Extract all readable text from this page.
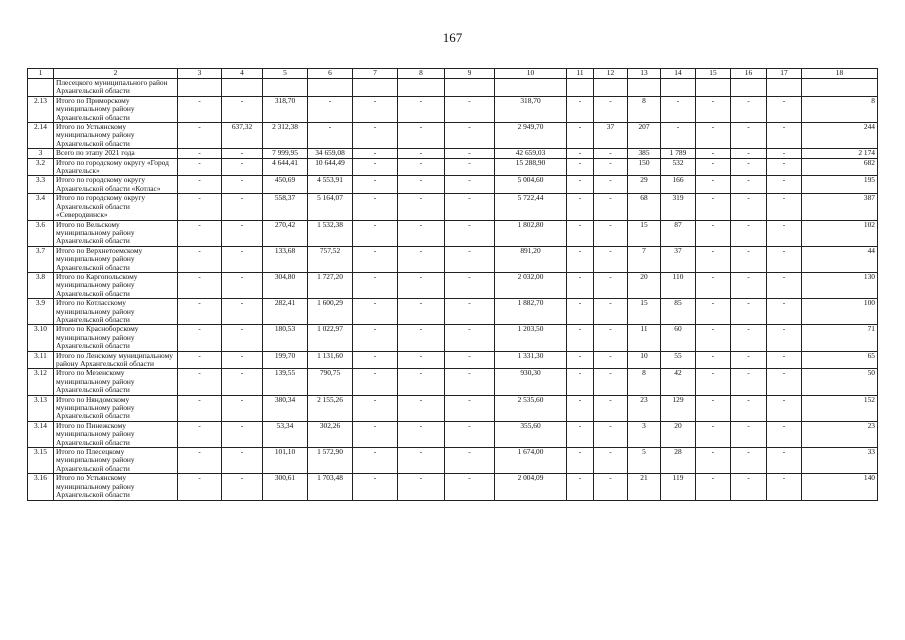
167
1	2	3	4	5	6	7	8	9	10	11	12	13	14	15	16	17	18
	Плесецкого муниципального район Архангельской области																
2.13	Итого по Приморскому муниципальному району Архангельской области	-	-	318,70	-	-	-	-	318,70	-	-	8	-	-	-	-	8
2.14	Итого по Устьянскому муниципальному району Архангельской области	-	637,32	2 312,38	-	-	-	-	2 949,70	-	37	207	-	-	-	-	244
3	Всего по этапу 2021 года	-	-	7 999,95	34 659,08	-	-	-	42 659,03	-	-	385	1 789	-	-	-	2 174
3.2	Итого по городскому округу «Город Архангельск»	-	-	4 644,41	10 644,49	-	-	-	15 288,90	-	-	150	532	-	-	-	682
3.3	Итого по городскому округу Архангельской области «Котлас»	-	-	450,69	4 553,91	-	-	-	5 004,60	-	-	29	166	-	-	-	195
3.4	Итого по городскому округу Архангельской области «Северодвинск»	-	-	558,37	5 164,07	-	-	-	5 722,44	-	-	68	319	-	-	-	387
3.6	Итого по Вельскому муниципальному району Архангельской области	-	-	270,42	1 532,38	-	-	-	1 802,80	-	-	15	87	-	-	-	102
3.7	Итого по Верхнетоемскому муниципальному району Архангельской области	-	-	133,68	757,52	-	-	-	891,20	-	-	7	37	-	-	-	44
3.8	Итого по Каргопольскому муниципальному району Архангельской области	-	-	304,80	1 727,20	-	-	-	2 032,00	-	-	20	110	-	-	-	130
3.9	Итого по Котласскому муниципальному району Архангельской области	-	-	282,41	1 600,29	-	-	-	1 882,70	-	-	15	85	-	-	-	100
3.10	Итого по Красноборскому муниципальному району Архангельской области	-	-	180,53	1 022,97	-	-	-	1 203,50	-	-	11	60	-	-	-	71
3.11	Итого по Ленскому муниципальному району Архангельской области	-	-	199,70	1 131,60	-	-	-	1 331,30	-	-	10	55	-	-	-	65
3.12	Итого по Мезенскому муниципальному району Архангельской области	-	-	139,55	790,75	-	-	-	930,30	-	-	8	42	-	-	-	50
3.13	Итого по Няндомскому муниципальному району Архангельской области	-	-	380,34	2 155,26	-	-	-	2 535,60	-	-	23	129	-	-	-	152
3.14	Итого по Пинежскому муниципальному району Архангельской области	-	-	53,34	302,26	-	-	-	355,60	-	-	3	20	-	-	-	23
3.15	Итого по Плесецкому муниципальному району Архангельской области	-	-	101,10	1 572,90	-	-	-	1 674,00	-	-	5	28	-	-	-	33
3.16	Итого по Устьянскому муниципальному району Архангельской области	-	-	300,61	1 703,48	-	-	-	2 004,09	-	-	21	119	-	-	-	140
